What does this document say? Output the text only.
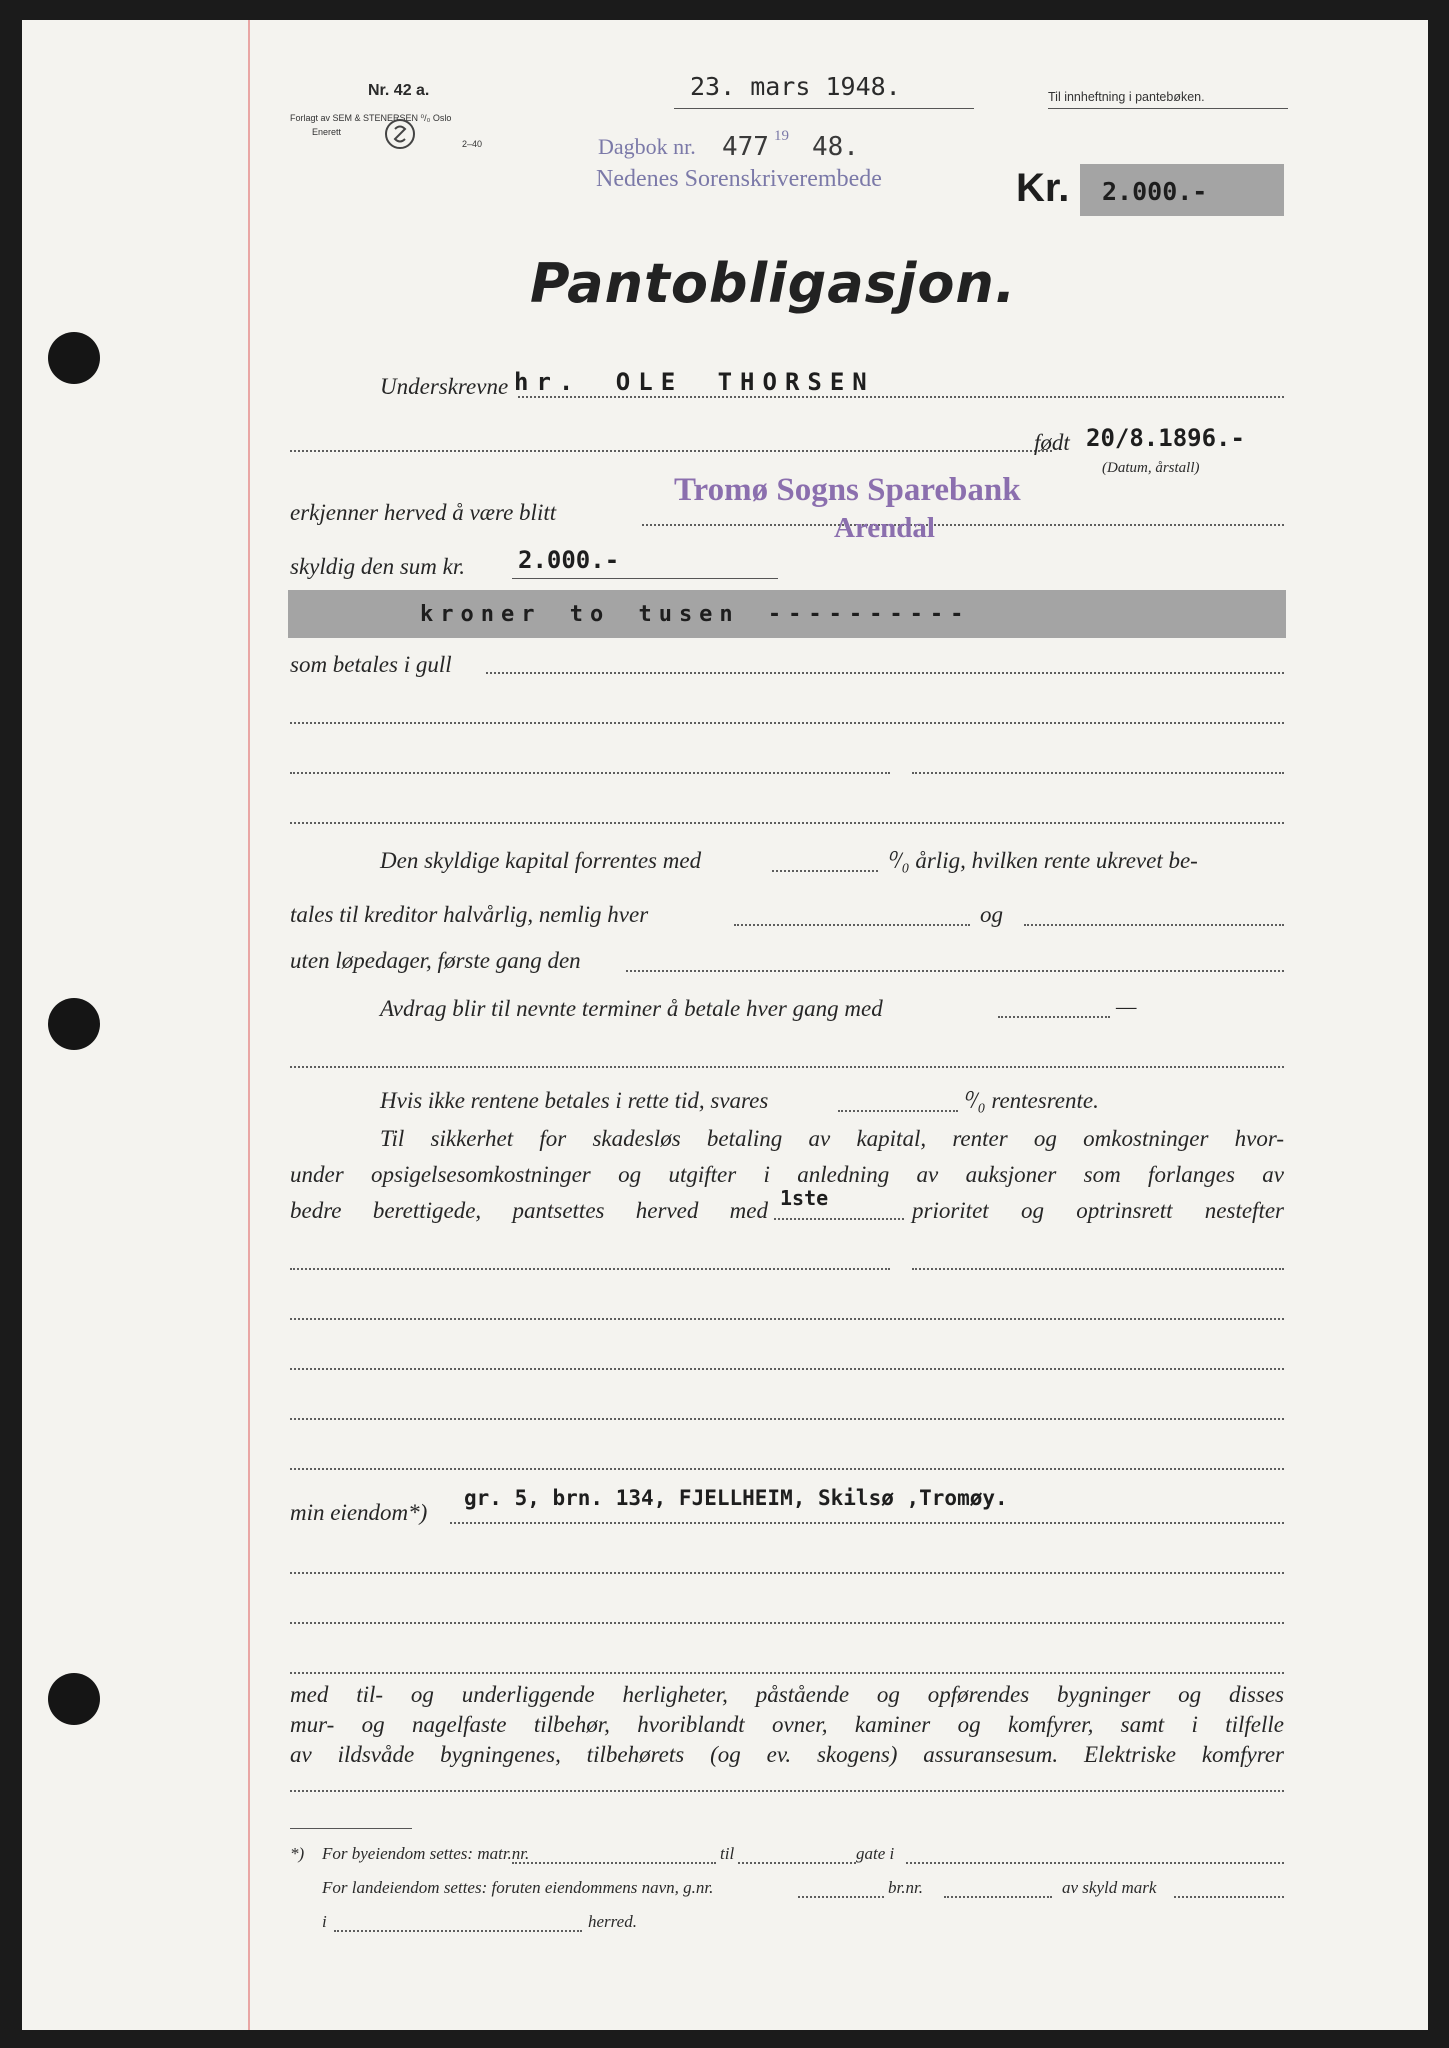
Nr. 42 a.
Forlagt av SEM & STENERSEN ⁰/₀ Oslo
Enerett
2–40
23. mars 1948.	Til innheftning i pantebøken.
Dagbok nr. 477 19 48.
Nedenes Sorenskriverembede	Kr. 2.000.-
Pantobligasjon.
Underskrevne hr. OLE THORSEN
født 20/8.1896.-
(Datum, årstall)
erkjenner herved å være blitt
Tromø Sogns Sparebank
Arendal
skyldig den sum kr. 2.000.-
kroner to tusen ----------
som betales i gull
Den skyldige kapital forrentes med	⁰/₀ årlig, hvilken rente ukrevet be-
tales til kreditor halvårlig, nemlig hver	og
uten løpedager, første gang den
Avdrag blir til nevnte terminer å betale hver gang med	—
Hvis ikke rentene betales i rette tid, svares	⁰/₀ rentesrente.
Til sikkerhet for skadesløs betaling av kapital, renter og omkostninger hvor-
under opsigelsesomkostninger og utgifter i anledning av auksjoner som forlanges av
bedre berettigede, pantsettes herved med 1ste	prioritet og optrinsrett nestefter
min eiendom*)
gr. 5, brn. 134, FJELLHEIM, Skilsø ,Tromøy.
med til- og underliggende herligheter, påstående og opførendes bygninger og disses
mur- og nagelfaste tilbehør, hvoriblandt ovner, kaminer og komfyrer, samt i tilfelle
av ildsvåde bygningenes, tilbehørets (og ev. skogens) assuransesum. Elektriske komfyrer
*) For byeiendom settes: matr.nr.	til	gate i
For landeiendom settes: foruten eiendommens navn, g.nr.	br.nr.	av skyld mark
i	herred.
